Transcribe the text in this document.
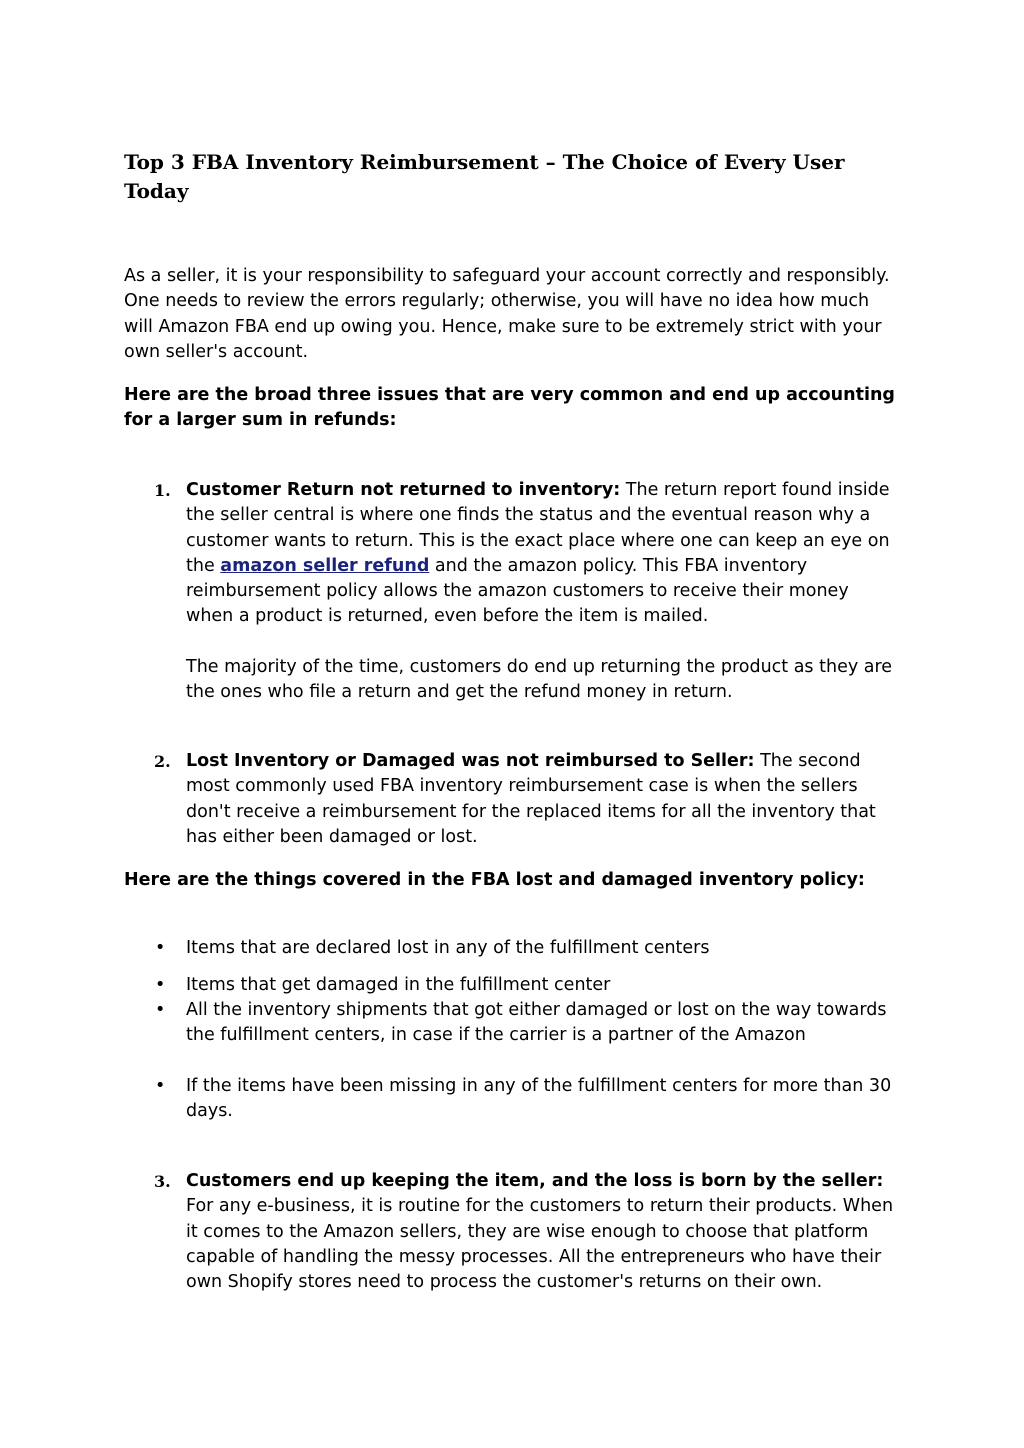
Top 3 FBA Inventory Reimbursement – The Choice of Every User Today

As a seller, it is your responsibility to safeguard your account correctly and responsibly. One needs to review the errors regularly; otherwise, you will have no idea how much will Amazon FBA end up owing you. Hence, make sure to be extremely strict with your own seller's account.

Here are the broad three issues that are very common and end up accounting for a larger sum in refunds:

1. Customer Return not returned to inventory: The return report found inside the seller central is where one finds the status and the eventual reason why a customer wants to return. This is the exact place where one can keep an eye on the amazon seller refund and the amazon policy. This FBA inventory reimbursement policy allows the amazon customers to receive their money when a product is returned, even before the item is mailed.

The majority of the time, customers do end up returning the product as they are the ones who file a return and get the refund money in return.

2. Lost Inventory or Damaged was not reimbursed to Seller: The second most commonly used FBA inventory reimbursement case is when the sellers don't receive a reimbursement for the replaced items for all the inventory that has either been damaged or lost.

Here are the things covered in the FBA lost and damaged inventory policy:

• Items that are declared lost in any of the fulfillment centers
• Items that get damaged in the fulfillment center
• All the inventory shipments that got either damaged or lost on the way towards the fulfillment centers, in case if the carrier is a partner of the Amazon
• If the items have been missing in any of the fulfillment centers for more than 30 days.
3. Customers end up keeping the item, and the loss is born by the seller: For any e-business, it is routine for the customers to return their products. When it comes to the Amazon sellers, they are wise enough to choose that platform capable of handling the messy processes. All the entrepreneurs who have their own Shopify stores need to process the customer's returns on their own.
